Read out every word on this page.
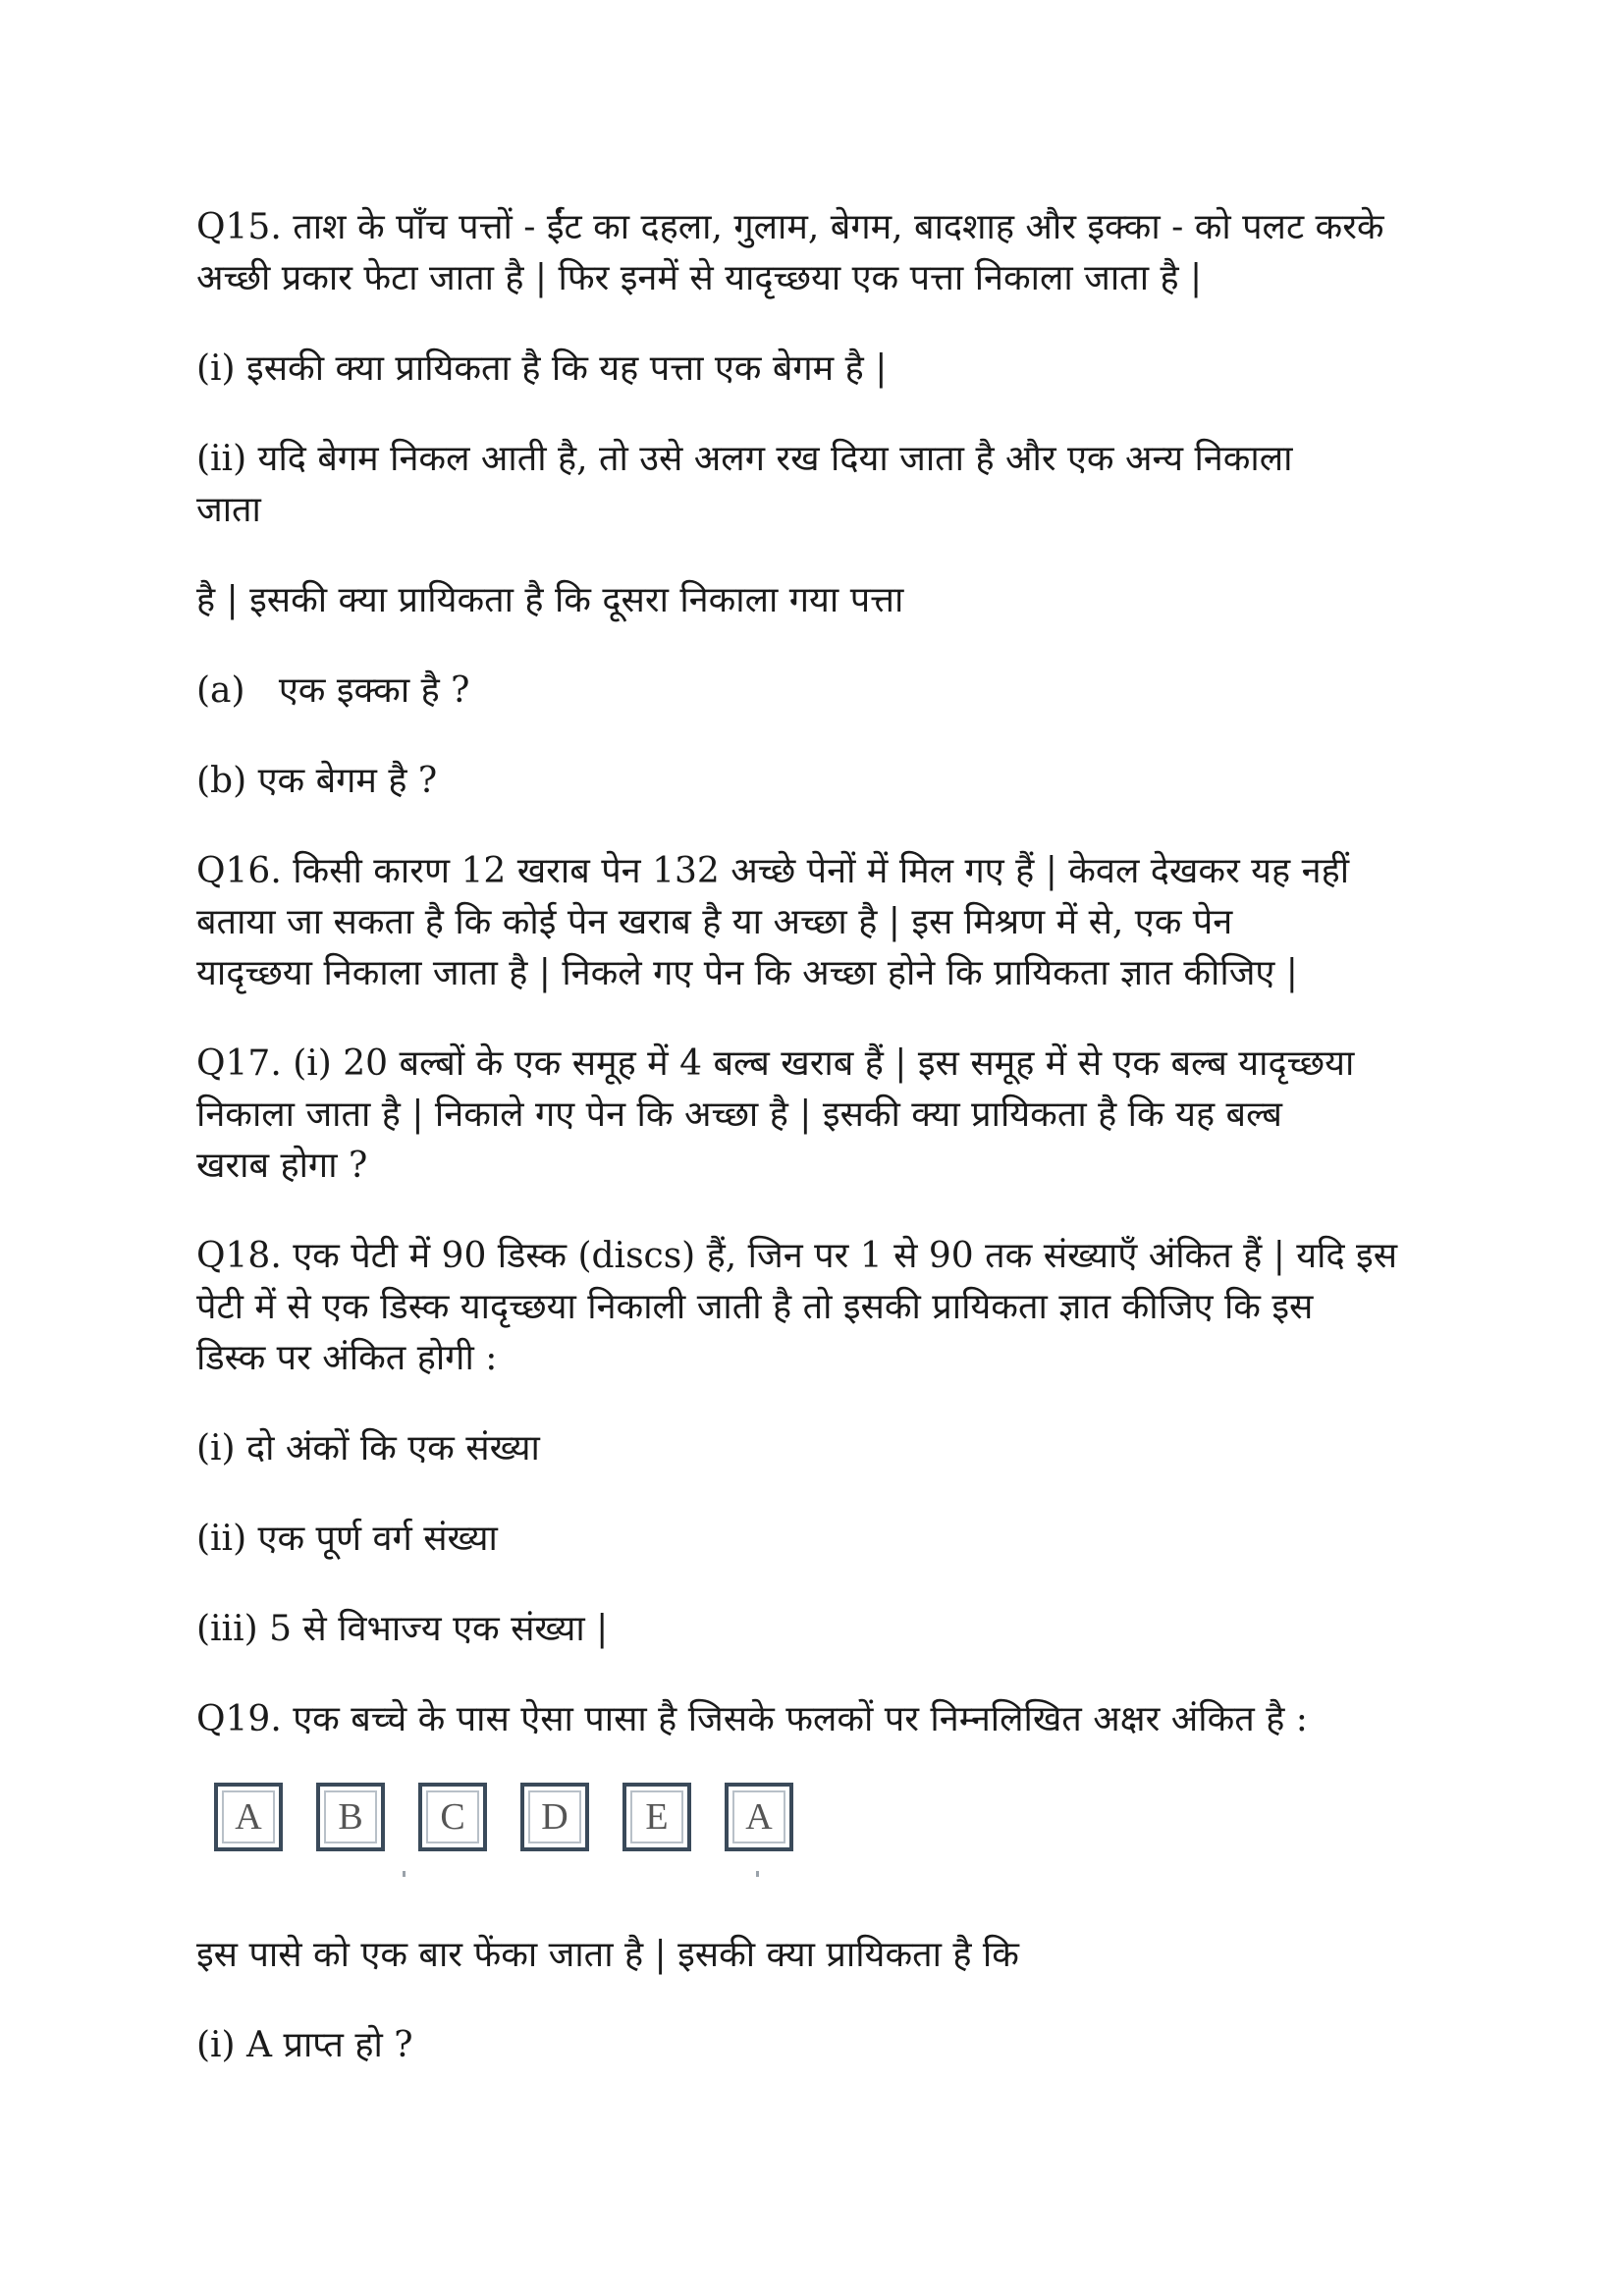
Q15. ताश के पाँच पत्तों - ईंट का दहला, गुलाम, बेगम, बादशाह और इक्का - को पलट करके
अच्छी प्रकार फेटा जाता है | फिर इनमें से यादृच्छया एक पत्ता निकाला जाता है |
(i) इसकी क्या प्रायिकता है कि यह पत्ता एक बेगम है |
(ii) यदि बेगम निकल आती है, तो उसे अलग रख दिया जाता है और एक अन्य निकाला
जाता
है | इसकी क्या प्रायिकता है कि दूसरा निकाला गया पत्ता
(a)   एक इक्का है ?
(b) एक बेगम है ?
Q16. किसी कारण 12 खराब पेन 132 अच्छे पेनों में मिल गए हैं | केवल देखकर यह नहीं
बताया जा सकता है कि कोई पेन खराब है या अच्छा है | इस मिश्रण में से, एक पेन
यादृच्छया निकाला जाता है | निकले गए पेन कि अच्छा होने कि प्रायिकता ज्ञात कीजिए |
Q17. (i) 20 बल्बों के एक समूह में 4 बल्ब खराब हैं | इस समूह में से एक बल्ब यादृच्छया
निकाला जाता है | निकाले गए पेन कि अच्छा है | इसकी क्या प्रायिकता है कि यह बल्ब
खराब होगा ?
Q18. एक पेटी में 90 डिस्क (discs) हैं, जिन पर 1 से 90 तक संख्याएँ अंकित हैं | यदि इस
पेटी में से एक डिस्क यादृच्छया निकाली जाती है तो इसकी प्रायिकता ज्ञात कीजिए कि इस
डिस्क पर अंकित होगी :
(i) दो अंकों कि एक संख्या
(ii) एक पूर्ण वर्ग संख्या
(iii) 5 से विभाज्य एक संख्या |
Q19. एक बच्चे के पास ऐसा पासा है जिसके फलकों पर निम्नलिखित अक्षर अंकित है :
A	B	C	D	E	A
इस पासे को एक बार फेंका जाता है | इसकी क्या प्रायिकता है कि
(i) A प्राप्त हो ?
